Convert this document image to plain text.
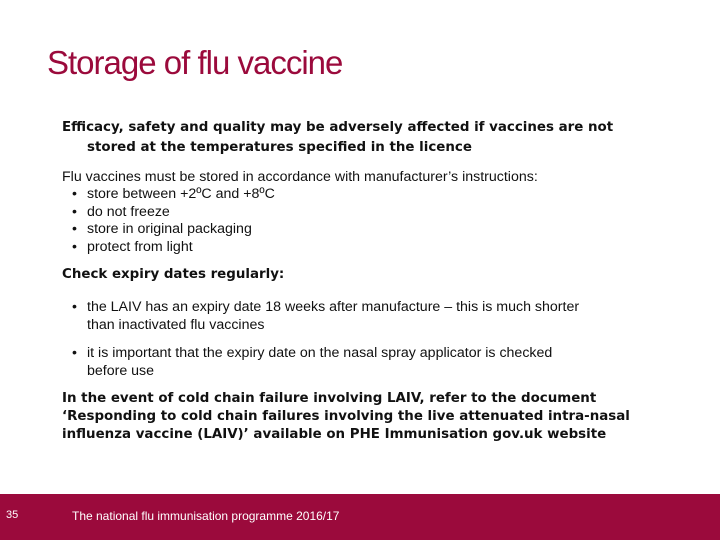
Storage of flu vaccine
Efficacy, safety and quality may be adversely affected if vaccines are not
stored at the temperatures specified in the licence
Flu vaccines must be stored in accordance with manufacturer’s instructions:
• store between +2ºC and +8ºC
• do not freeze
• store in original packaging
• protect from light
Check expiry dates regularly:
• the LAIV has an expiry date 18 weeks after manufacture – this is much shorter
than inactivated flu vaccines
• it is important that the expiry date on the nasal spray applicator is checked
before use
In the event of cold chain failure involving LAIV, refer to the document
‘Responding to cold chain failures involving the live attenuated intra-nasal
influenza vaccine (LAIV)’ available on PHE Immunisation gov.uk website
35	The national flu immunisation programme 2016/17
